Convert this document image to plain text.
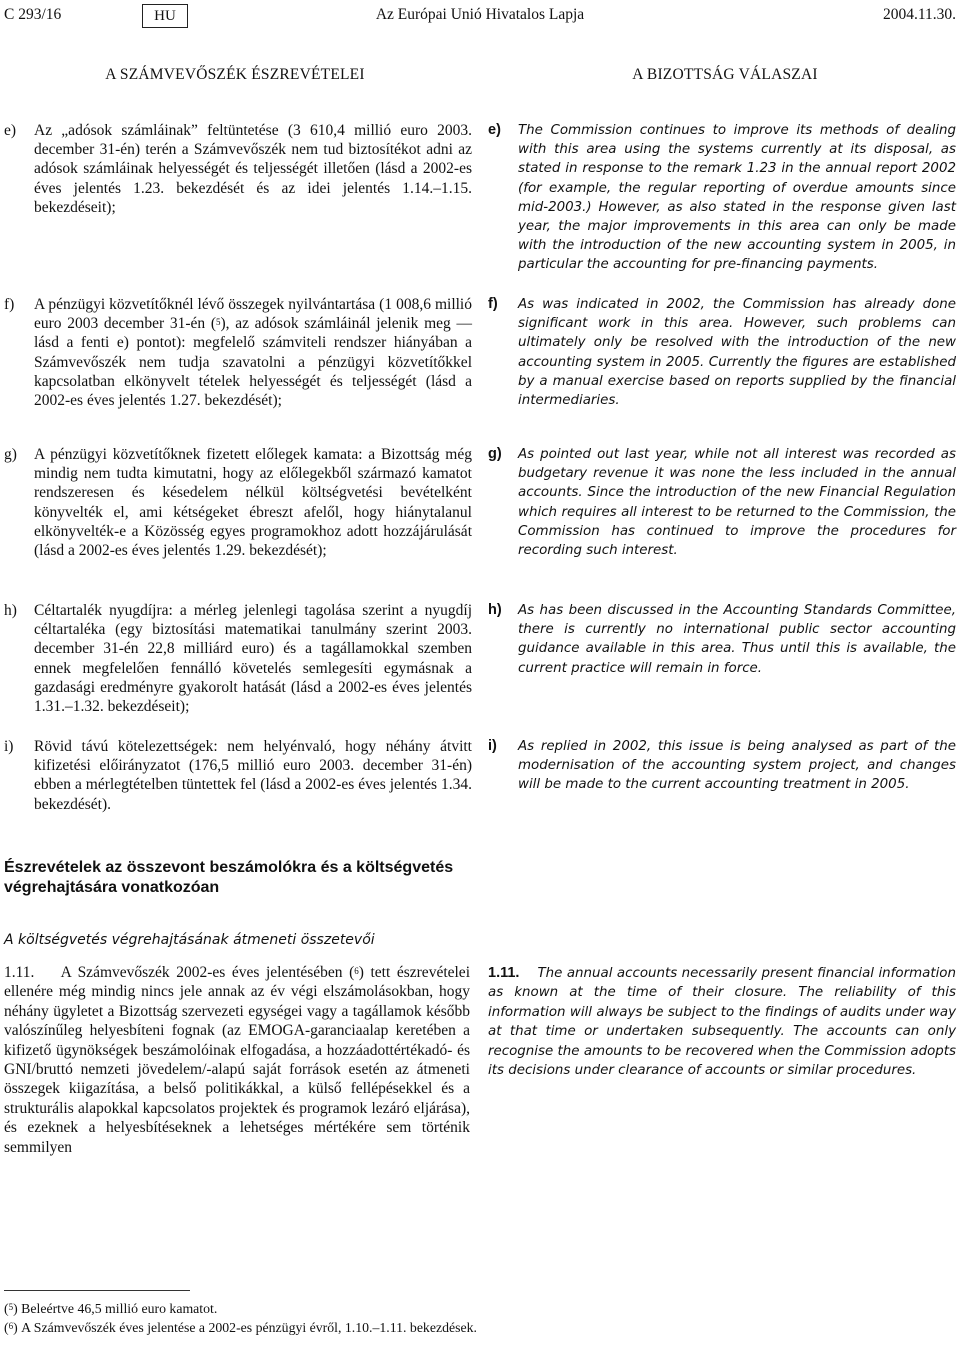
C 293/16	HU	Az Európai Unió Hivatalos Lapja	2004.11.30.
A SZÁMVEVŐSZÉK ÉSZREVÉTELEI	A BIZOTTSÁG VÁLASZAI
e) Az „adósok számláinak” feltüntetése (3 610,4 millió euro 2003. december 31-én) terén a Számvevőszék nem tud biztosítékot adni az adósok számláinak helyességét és teljességét illetően (lásd a 2002-es éves jelentés 1.23. bekezdését és az idei jelentés 1.14.–1.15. bekezdéseit);
e) The Commission continues to improve its methods of dealing with this area using the systems currently at its disposal, as stated in response to the remark 1.23 in the annual report 2002 (for example, the regular reporting of overdue amounts since mid-2003.) However, as also stated in the response given last year, the major improvements in this area can only be made with the introduction of the new accounting system in 2005, in particular the accounting for pre-financing payments.
f) A pénzügyi közvetítőknél lévő összegek nyilvántartása (1 008,6 millió euro 2003 december 31-én ($^5$), az adósok számláinál jelenik meg — lásd a fenti e) pontot): megfelelő számviteli rendszer hiányában a Számvevőszék nem tudja szavatolni a pénzügyi közvetítőkkel kapcsolatban elkönyvelt tételek helyességét és teljességét (lásd a 2002-es éves jelentés 1.27. bekezdését);
f) As was indicated in 2002, the Commission has already done significant work in this area. However, such problems can ultimately only be resolved with the introduction of the new accounting system in 2005. Currently the figures are established by a manual exercise based on reports supplied by the financial intermediaries.
g) A pénzügyi közvetítőknek fizetett előlegek kamata: a Bizottság még mindig nem tudta kimutatni, hogy az előlegekből származó kamatot rendszeresen és késedelem nélkül költségvetési bevételként könyvelték el, ami kétségeket ébreszt afelől, hogy hiánytalanul elkönyvelték-e a Közösség egyes programokhoz adott hozzájárulását (lásd a 2002-es éves jelentés 1.29. bekezdését);
g) As pointed out last year, while not all interest was recorded as budgetary revenue it was none the less included in the annual accounts. Since the introduction of the new Financial Regulation which requires all interest to be returned to the Commission, the Commission has continued to improve the procedures for recording such interest.
h) Céltartalék nyugdíjra: a mérleg jelenlegi tagolása szerint a nyugdíj céltartaléka (egy biztosítási matematikai tanulmány szerint 2003. december 31-én 22,8 milliárd euro) és a tagállamokkal szemben ennek megfelelően fennálló követelés semlegesíti egymásnak a gazdasági eredményre gyakorolt hatását (lásd a 2002-es éves jelentés 1.31.–1.32. bekezdéseit);
h) As has been discussed in the Accounting Standards Committee, there is currently no international public sector accounting guidance available in this area. Thus until this is available, the current practice will remain in force.
i) Rövid távú kötelezettségek: nem helyénvaló, hogy néhány átvitt kifizetési előirányzatot (176,5 millió euro 2003. december 31-én) ebben a mérlegtételben tüntettek fel (lásd a 2002-es éves jelentés 1.34. bekezdését).
i) As replied in 2002, this issue is being analysed as part of the modernisation of the accounting system project, and changes will be made to the current accounting treatment in 2005.
Észrevételek az összevont beszámolókra és a költségvetés végrehajtására vonatkozóan
A költségvetés végrehajtásának átmeneti összetevői
1.11. A Számvevőszék 2002-es éves jelentésében ($^6$) tett észrevételei ellenére még mindig nincs jele annak az év végi elszámolásokban, hogy néhány ügyletet a Bizottság szervezeti egységei vagy a tagállamok később valószínűleg helyesbíteni fognak (az EMOGA-garanciaalap keretében a kifizető ügynökségek beszámolóinak elfogadása, a hozzáadottértékadó- és GNI/bruttó nemzeti jövedelem/-alapú saját források esetén az átmeneti összegek kiigazítása, a belső politikákkal, a külső fellépésekkel és a strukturális alapokkal kapcsolatos projektek és programok lezáró eljárása), és ezeknek a helyesbítéseknek a lehetséges mértékére sem történik semmilyen
1.11. The annual accounts necessarily present financial information as known at the time of their closure. The reliability of this information will always be subject to the findings of audits under way at that time or undertaken subsequently. The accounts can only recognise the amounts to be recovered when the Commission adopts its decisions under clearance of accounts or similar procedures.
($^5$) Beleértve 46,5 millió euro kamatot.
($^6$) A Számvevőszék éves jelentése a 2002-es pénzügyi évről, 1.10.–1.11. bekezdések.
